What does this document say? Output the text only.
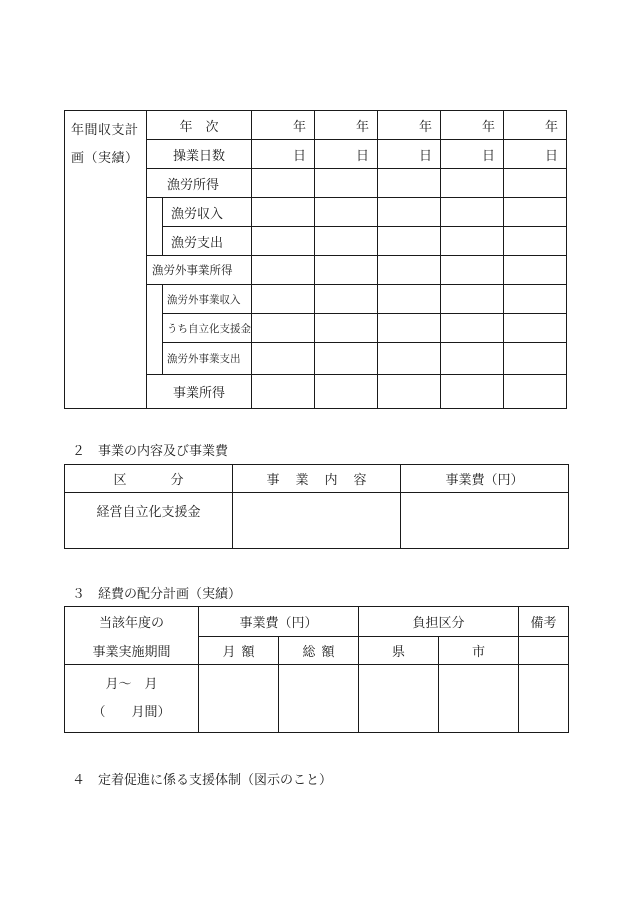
年間収支計画（実績）	年　次		年	年	年	年	年
	操業日数		日	日	日	日	日
	漁労所得						
		漁労収入					
		漁労支出					
	漁労外事業所得						
		漁労外事業収入					
		うち自立化支援金					
		漁労外事業支出					
	事業所得						
２　事業の内容及び事業費
区分	事業内容	事業費（円）
経営自立化支援金		
３　経費の配分計画（実績）
当該年度の	事業費（円）		負担区分		備考
事業実施期間	月額	総額	県	市	

月～　月
（　　月間）					

４　定着促進に係る支援体制（図示のこと）
